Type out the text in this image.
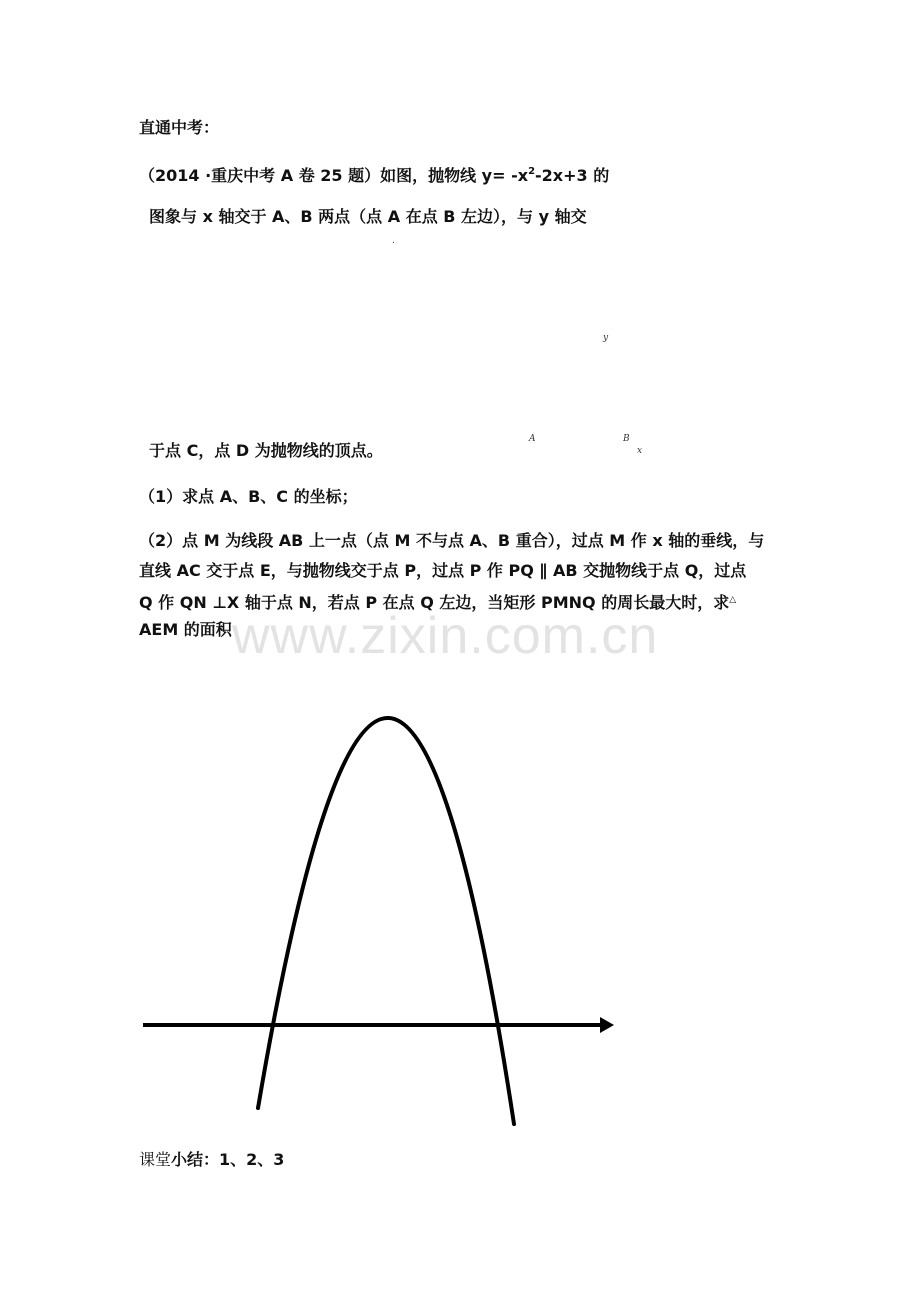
直通中考：
（2014 ·重庆中考 A 卷 25 题）如图，抛物线 $y= -x^2-2x+3$ 的
图象与 x 轴交于 A、B 两点（点 A 在点 B 左边），与 y 轴交
.
y
A	B
x
于点 C，点 D 为抛物线的顶点。
（1）求点 A、B、C 的坐标；
（2）点 M 为线段 AB 上一点（点 M 不与点 A、B 重合），过点 M 作 x 轴的垂线，与
直线 AC 交于点 E，与抛物线交于点 P，过点 P 作 PQ ∥ AB 交抛物线于点 Q，过点
Q 作 QN ⊥X 轴于点 N，若点 P 在点 Q 左边，当矩形 PMNQ 的周长最大时，求△
AEM 的面积 www.zixin.com.cn
课堂小结：1、2、3
